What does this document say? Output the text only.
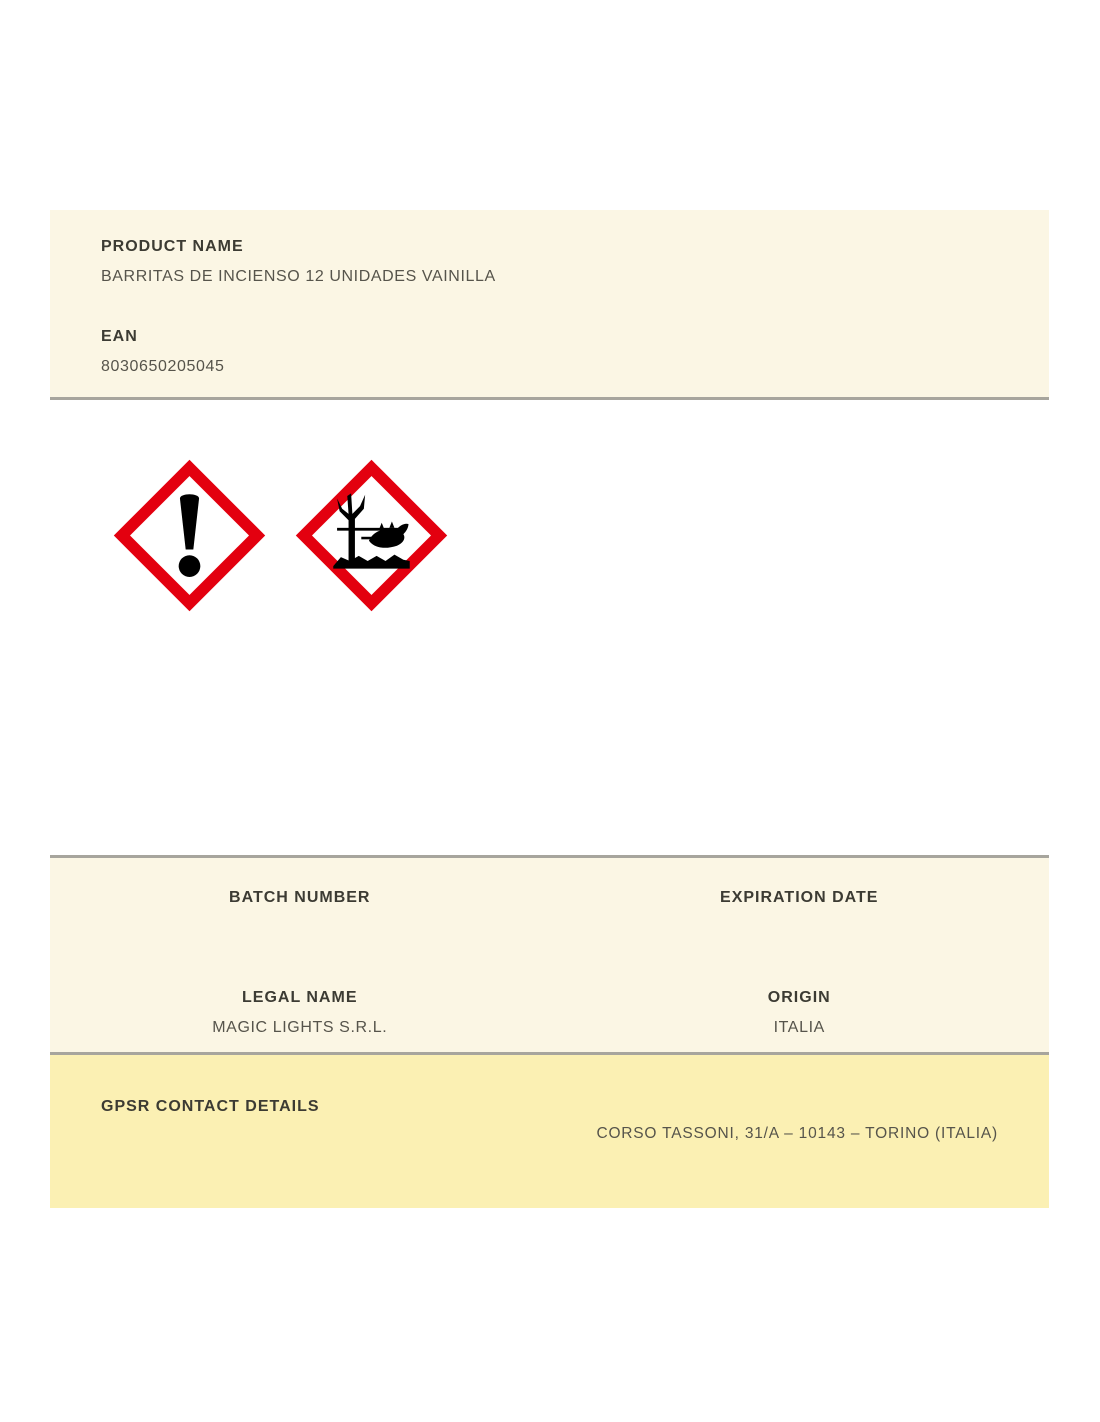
PRODUCT NAME
BARRITAS DE INCIENSO 12 UNIDADES VAINILLA
EAN
8030650205045
BATCH NUMBER	EXPIRATION DATE
LEGAL NAME
MAGIC LIGHTS S.R.L.
ORIGIN
ITALIA
GPSR CONTACT DETAILS
CORSO TASSONI, 31/A – 10143 – TORINO (ITALIA)
